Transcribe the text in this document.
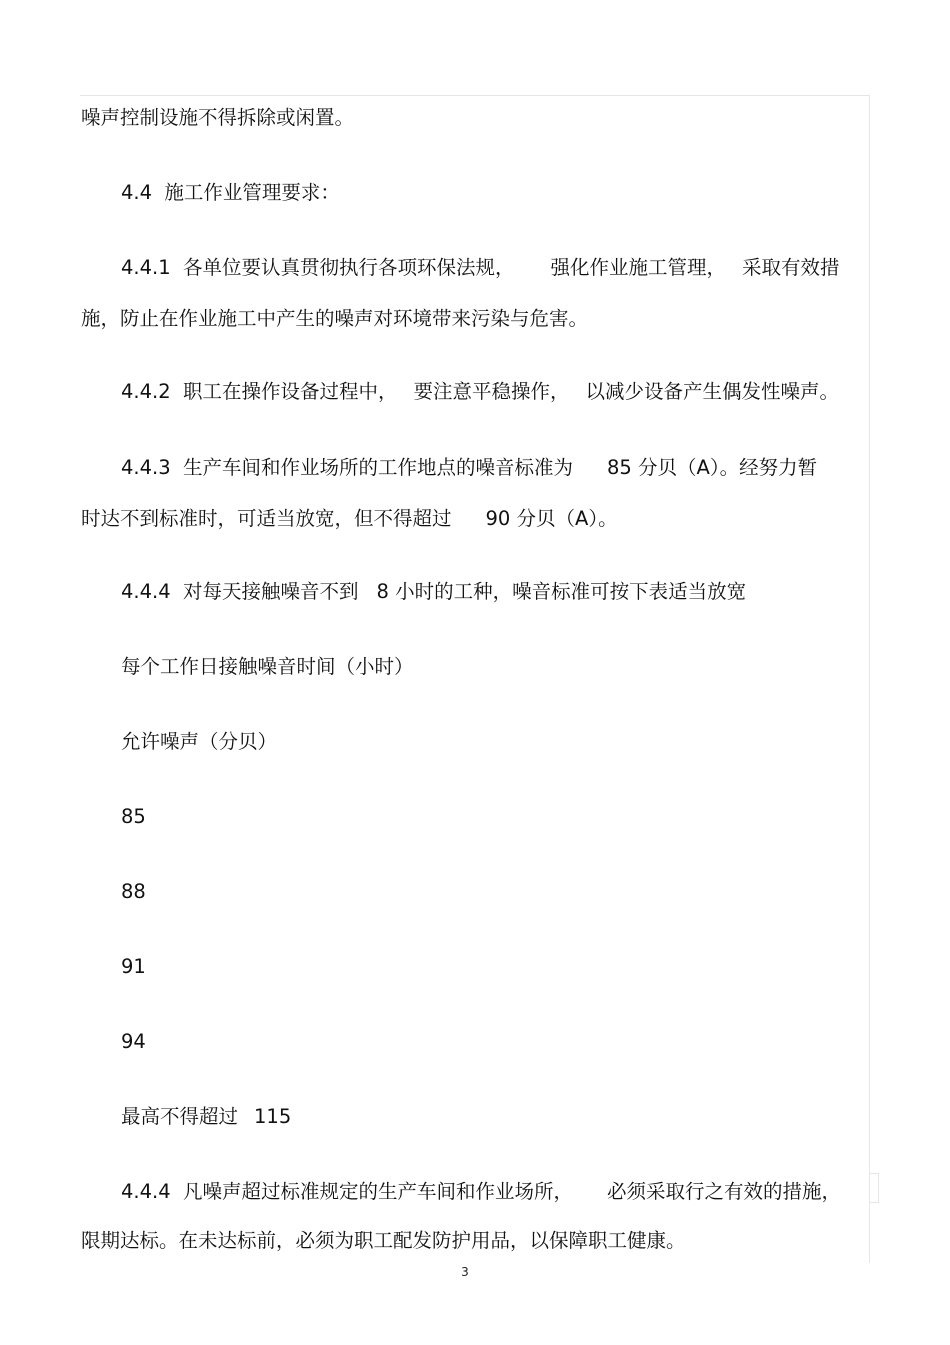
噪声控制设施不得拆除或闲置。
4.4  施工作业管理要求：
4.4.1  各单位要认真贯彻执行各项环保法规， 强化作业施工管理， 采取有效措
施，防止在作业施工中产生的噪声对环境带来污染与危害。
4.4.2  职工在操作设备过程中， 要注意平稳操作， 以减少设备产生偶发性噪声。
4.4.3  生产车间和作业场所的工作地点的噪音标准为 85 分贝（A）。经努力暂
时达不到标准时，可适当放宽，但不得超过 90 分贝（A）。
4.4.4  对每天接触噪音不到 8 小时的工种，噪音标准可按下表适当放宽
每个工作日接触噪音时间（小时）
允许噪声（分贝）
85
88
91
94
最高不得超过 115
4.4.4  凡噪声超过标准规定的生产车间和作业场所， 必须采取行之有效的措施，
限期达标。在未达标前，必须为职工配发防护用品，以保障职工健康。
3
